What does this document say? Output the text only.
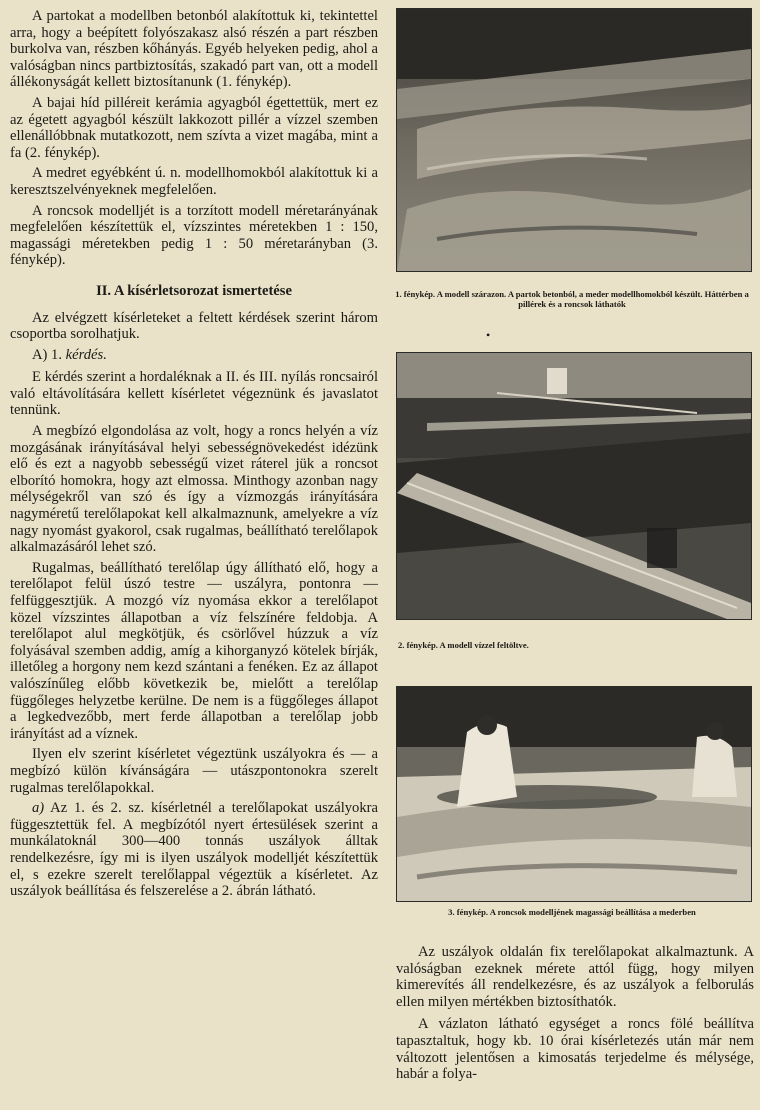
A partokat a modellben betonból alakítottuk ki, tekintettel arra, hogy a beépített folyószakasz alsó részén a part részben burkolva van, részben kőhányás. Egyéb helyeken pedig, ahol a valóságban nincs partbiztosítás, szakadó part van, ott a modell állékonyságát kellett biztosítanunk (1. fénykép).

A bajai híd pilléreit kerámia agyagból égettettük, mert ez az égetett agyagból készült lakkozott pillér a vízzel szemben ellenállóbbnak mutatkozott, nem szívta a vizet magába, mint a fa (2. fénykép).

A medret egyébként ú. n. modellhomokból alakítottuk ki a keresztszelvényeknek megfelelően.

A roncsok modelljét is a torzított modell méretarányának megfelelően készítettük el, vízszintes méretekben 1 : 150, magassági méretekben pedig 1 : 50 méretarányban (3. fénykép).

II. A kísérletsorozat ismertetése

Az elvégzett kísérleteket a feltett kérdések szerint három csoportba sorolhatjuk.

A) 1. kérdés.

E kérdés szerint a hordaléknak a II. és III. nyílás roncsairól való eltávolítására kellett kísérletet végeznünk és javaslatot tennünk.

A megbízó elgondolása az volt, hogy a roncs helyén a víz mozgásának irányításával helyi sebességnövekedést idézünk elő és ezt a nagyobb sebességű vizet ráterel jük a roncsot elborító homokra, hogy azt elmossa. Minthogy azonban nagy mélységekről van szó és így a vízmozgás irányítására nagyméretű terelőlapokat kell alkalmaznunk, amelyekre a víz nagy nyomást gyakorol, csak rugalmas, beállítható terelőlapok alkalmazásáról lehet szó.

Rugalmas, beállítható terelőlap úgy állítható elő, hogy a terelőlapot felül úszó testre — uszályra, pontonra — felfüggesztjük. A mozgó víz nyomása ekkor a terelőlapot közel vízszintes állapotban a víz felszínére feldobja. A terelőlapot alul megkötjük, és csörlővel húzzuk a víz folyásával szemben addig, amíg a kihorganyzó kötelek bírják, illetőleg a horgony nem kezd szántani a fenéken. Ez az állapot valószínűleg előbb következik be, mielőtt a terelőlap függőleges helyzetbe kerülne. De nem is a függőleges állapot a legkedvezőbb, mert ferde állapotban a terelőlap jobb irányítást ad a víznek.

Ilyen elv szerint kísérletet végeztünk uszályokra és — a megbízó külön kívánságára — utászpontonokra szerelt rugalmas terelőlapokkal.

a) Az 1. és 2. sz. kísérletnél a terelőlapokat uszályokra függesztettük fel. A megbízótól nyert értesülések szerint a munkálatoknál 300—400 tonnás uszályok álltak rendelkezésre, így mi is ilyen uszályok modelljét készítettük el, s ezekre szerelt terelőlappal végeztük a kísérletet. Az uszályok beállítása és felszerelése a 2. ábrán látható.

1. fénykép. A modell szárazon. A partok betonból, a meder modellhomokból készült. Háttérben a pillérek és a roncsok láthatók
•
2. fénykép. A modell vízzel feltöltve.
3. fénykép. A roncsok modelljének magassági beállítása a mederben

Az uszályok oldalán fix terelőlapokat alkalmaztunk. A valóságban ezeknek mérete attól függ, hogy milyen kimerevítés áll rendelkezésre, és az uszályok a felborulás ellen milyen mértékben biztosíthatók.

A vázlaton látható egységet a roncs fölé beállítva tapasztaltuk, hogy kb. 10 órai kísérletezés után már nem változott jelentősen a kimosatás terjedelme és mélysége, habár a folya-
